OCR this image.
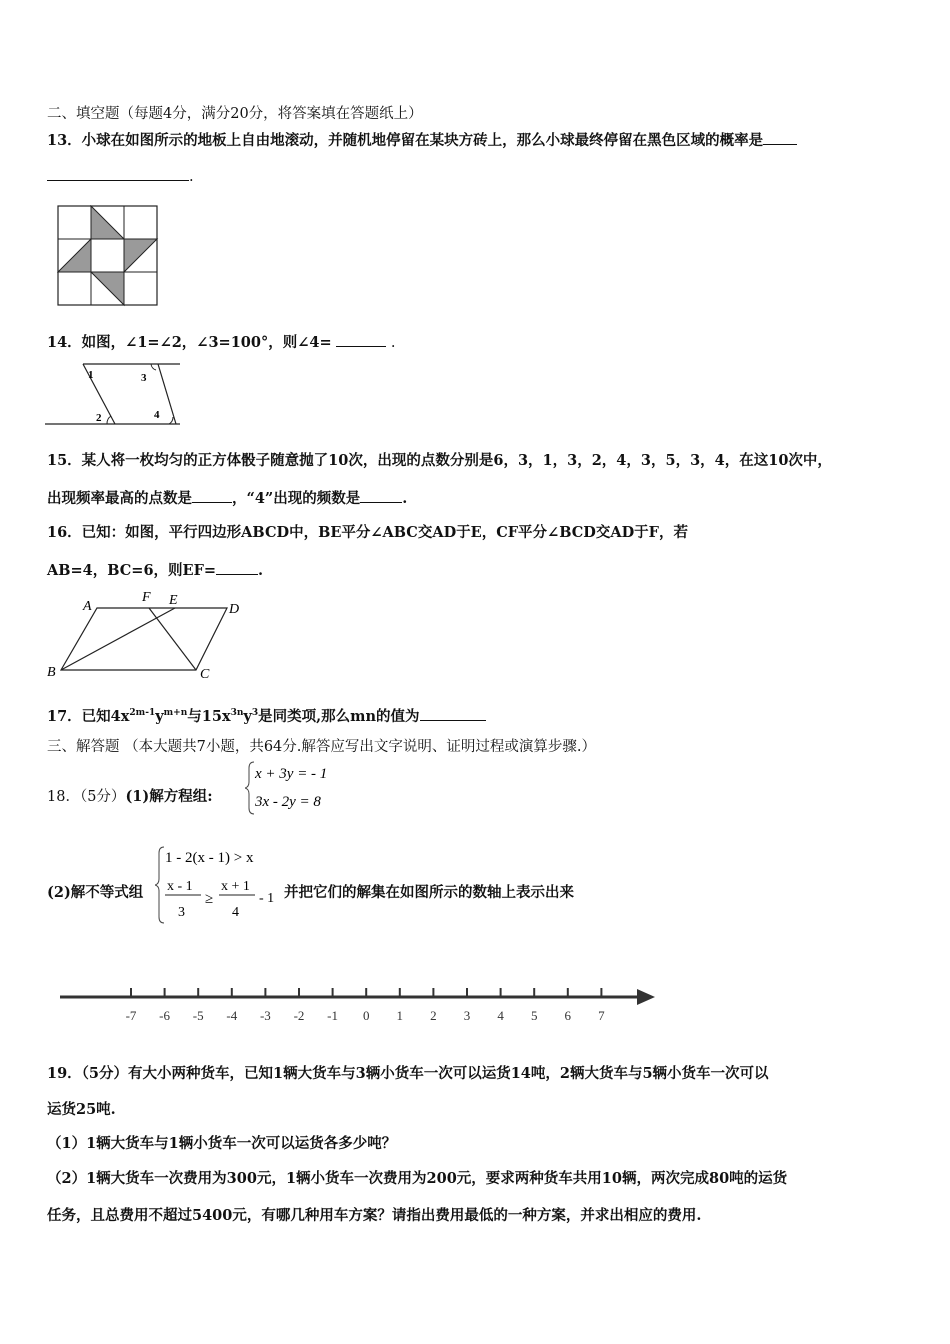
二、填空题（每题4分，满分20分，将答案填在答题纸上）
13．小球在如图所示的地板上自由地滚动，并随机地停留在某块方砖上，那么小球最终停留在黑色区域的概率是
.
14．如图，∠1=∠2，∠3=100°，则∠4=	.
1
2
3
4
15．某人将一枚均匀的正方体骰子随意抛了10次，出现的点数分别是6，3，1，3，2，4，3，5，3，4，在这10次中，
出现频率最高的点数是	，“4”出现的频数是	.
16．已知：如图，平行四边形ABCD中，BE平分∠ABC交AD于E，CF平分∠BCD交AD于F，若
AB=4，BC=6，则EF=	.
A
B	C
D
E
F
17．已知$4x^{2m-1}y^{m+n}$与$15x^{3n}y^3$是同类项,那么mn的值为
三、解答题 （本大题共7小题，共64分.解答应写出文字说明、证明过程或演算步骤.）
18．（5分）(1)解方程组:
x + 3y = - 1
3x - 2y = 8
(2)解不等式组
1 - 2(x - 1) > x
x - 1
3
≥
x + 1
4
- 1 并把它们的解集在如图所示的数轴上表示出来
-7 -6 -5 -4 -3 -2 -1 0 1 2 3 4 5 6 7
19．（5分）有大小两种货车，已知1辆大货车与3辆小货车一次可以运货14吨，2辆大货车与5辆小货车一次可以
运货25吨.
（1）1辆大货车与1辆小货车一次可以运货各多少吨？
（2）1辆大货车一次费用为300元，1辆小货车一次费用为200元，要求两种货车共用10辆，两次完成80吨的运货
任务，且总费用不超过5400元，有哪几种用车方案？请指出费用最低的一种方案，并求出相应的费用.
